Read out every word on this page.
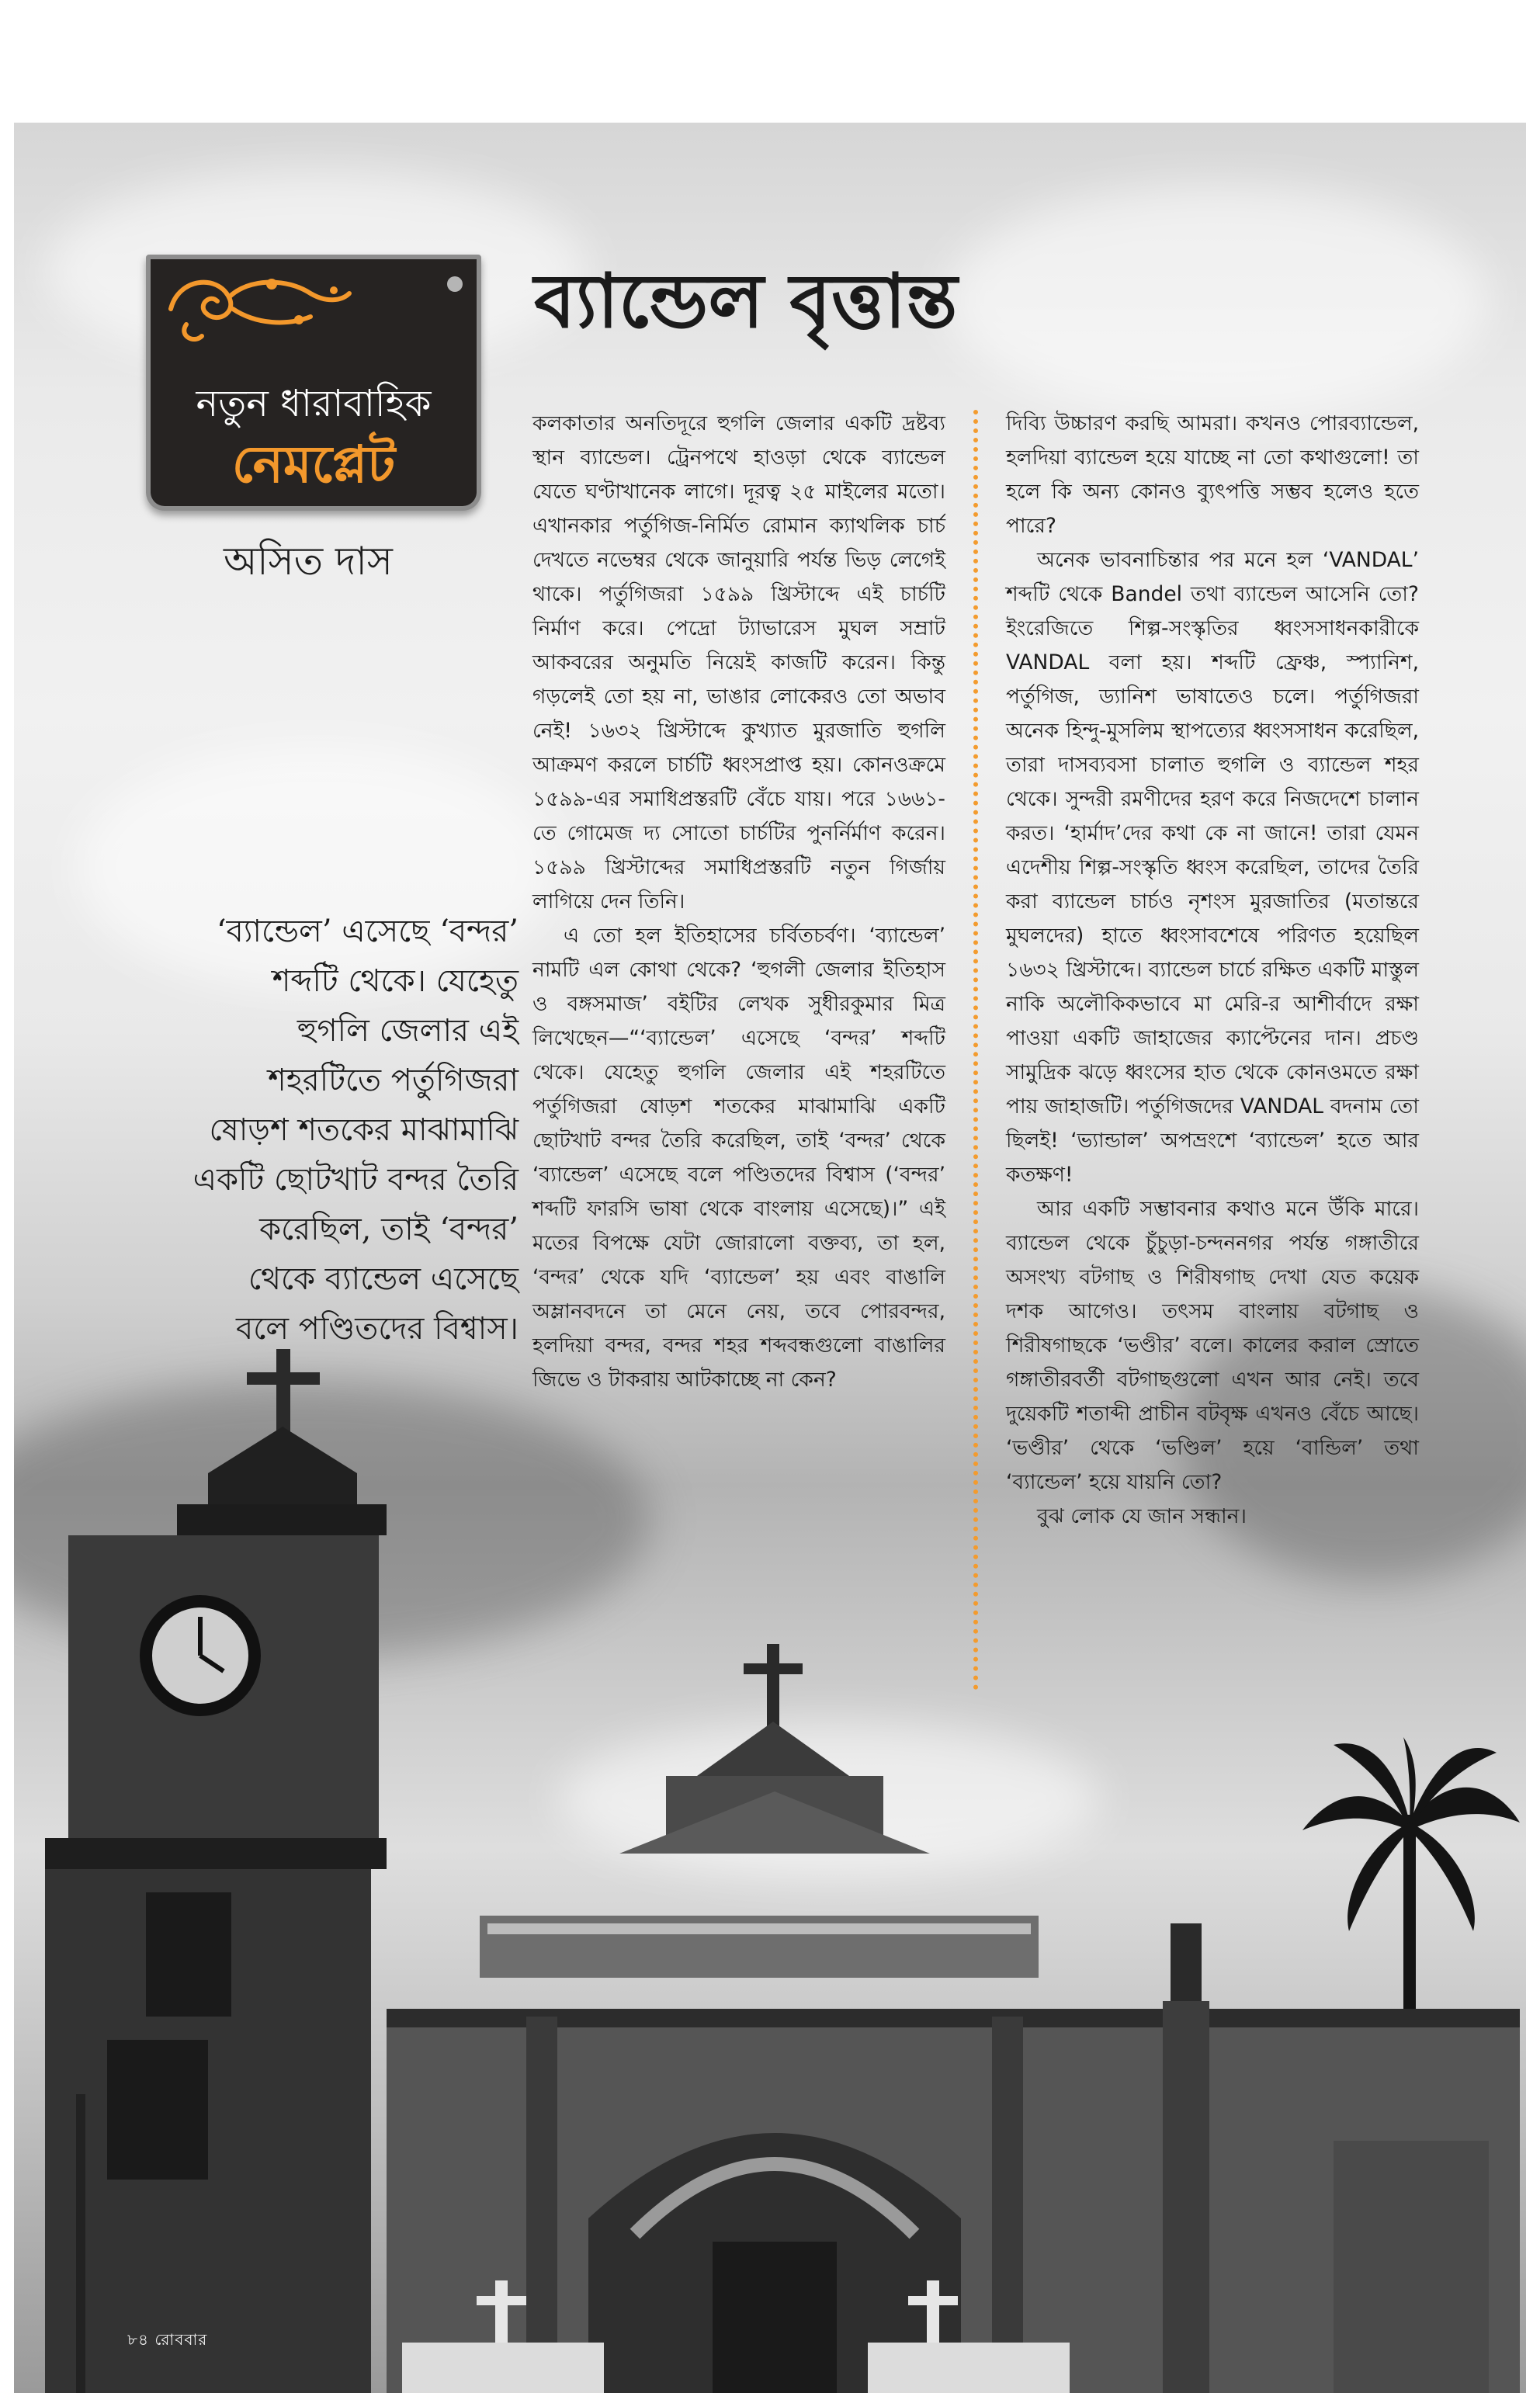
নতুন ধারাবাহিক
নেমপ্লেট
অসিত দাস
ব্যান্ডেল বৃত্তান্ত
‘ব্যান্ডেল’ এসেছে ‘বন্দর’
শব্দটি থেকে। যেহেতু
হুগলি জেলার এই
শহরটিতে পর্তুগিজরা
ষোড়শ শতকের মাঝামাঝি
একটি ছোটখাট বন্দর তৈরি
করেছিল, তাই ‘বন্দর’
থেকে ব্যান্ডেল এসেছে
বলে পণ্ডিতদের বিশ্বাস।

কলকাতার অনতিদূরে হুগলি জেলার একটি দ্রষ্টব্য স্থান ব্যান্ডেল। ট্রেনপথে হাওড়া থেকে ব্যান্ডেল যেতে ঘণ্টাখানেক লাগে। দূরত্ব ২৫ মাইলের মতো। এখানকার পর্তুগিজ-নির্মিত রোমান ক্যাথলিক চার্চ দেখতে নভেম্বর থেকে জানুয়ারি পর্যন্ত ভিড় লেগেই থাকে। পর্তুগিজরা ১৫৯৯ খ্রিস্টাব্দে এই চার্চটি নির্মাণ করে। পেদ্রো ট্যাভারেস মুঘল সম্রাট আকবরের অনুমতি নিয়েই কাজটি করেন। কিন্তু গড়লেই তো হয় না, ভাঙার লোকেরও তো অভাব নেই! ১৬৩২ খ্রিস্টাব্দে কুখ্যাত মুরজাতি হুগলি আক্রমণ করলে চার্চটি ধ্বংসপ্রাপ্ত হয়। কোনওক্রমে ১৫৯৯-এর সমাধিপ্রস্তরটি বেঁচে যায়। পরে ১৬৬১-তে গোমেজ দ্য সোতো চার্চটির পুনর্নির্মাণ করেন। ১৫৯৯ খ্রিস্টাব্দের সমাধিপ্রস্তরটি নতুন গির্জায় লাগিয়ে দেন তিনি।

এ তো হল ইতিহাসের চর্বিতচর্বণ। ‘ব্যান্ডেল’ নামটি এল কোথা থেকে? ‘হুগলী জেলার ইতিহাস ও বঙ্গসমাজ’ বইটির লেখক সুধীরকুমার মিত্র লিখেছেন—“‘ব্যান্ডেল’ এসেছে ‘বন্দর’ শব্দটি থেকে। যেহেতু হুগলি জেলার এই শহরটিতে পর্তুগিজরা ষোড়শ শতকের মাঝামাঝি একটি ছোটখাট বন্দর তৈরি করেছিল, তাই ‘বন্দর’ থেকে ‘ব্যান্ডেল’ এসেছে বলে পণ্ডিতদের বিশ্বাস (‘বন্দর’ শব্দটি ফারসি ভাষা থেকে বাংলায় এসেছে)।” এই মতের বিপক্ষে যেটা জোরালো বক্তব্য, তা হল, ‘বন্দর’ থেকে যদি ‘ব্যান্ডেল’ হয় এবং বাঙালি অম্লানবদনে তা মেনে নেয়, তবে পোরবন্দর, হলদিয়া বন্দর, বন্দর শহর শব্দবন্ধগুলো বাঙালির জিভে ও টাকরায় আটকাচ্ছে না কেন?

দিব্যি উচ্চারণ করছি আমরা। কখনও পোরব্যান্ডেল, হলদিয়া ব্যান্ডেল হয়ে যাচ্ছে না তো কথাগুলো! তা হলে কি অন্য কোনও ব্যুৎপত্তি সম্ভব হলেও হতে পারে?

অনেক ভাবনাচিন্তার পর মনে হল ‘VANDAL’ শব্দটি থেকে Bandel তথা ব্যান্ডেল আসেনি তো? ইংরেজিতে শিল্প-সংস্কৃতির ধ্বংসসাধনকারীকে VANDAL বলা হয়। শব্দটি ফ্রেঞ্চ, স্প্যানিশ, পর্তুগিজ, ড্যানিশ ভাষাতেও চলে। পর্তুগিজরা অনেক হিন্দু-মুসলিম স্থাপত্যের ধ্বংসসাধন করেছিল, তারা দাসব্যবসা চালাত হুগলি ও ব্যান্ডেল শহর থেকে। সুন্দরী রমণীদের হরণ করে নিজদেশে চালান করত। ‘হার্মাদ’দের কথা কে না জানে! তারা যেমন এদেশীয় শিল্প-সংস্কৃতি ধ্বংস করেছিল, তাদের তৈরি করা ব্যান্ডেল চার্চও নৃশংস মুরজাতির (মতান্তরে মুঘলদের) হাতে ধ্বংসাবশেষে পরিণত হয়েছিল ১৬৩২ খ্রিস্টাব্দে। ব্যান্ডেল চার্চে রক্ষিত একটি মাস্তুল নাকি অলৌকিকভাবে মা মেরি-র আশীর্বাদে রক্ষা পাওয়া একটি জাহাজের ক্যাপ্টেনের দান। প্রচণ্ড সামুদ্রিক ঝড়ে ধ্বংসের হাত থেকে কোনওমতে রক্ষা পায় জাহাজটি। পর্তুগিজদের VANDAL বদনাম তো ছিলই! ‘ভ্যান্ডাল’ অপভ্রংশে ‘ব্যান্ডেল’ হতে আর কতক্ষণ!

আর একটি সম্ভাবনার কথাও মনে উঁকি মারে। ব্যান্ডেল থেকে চুঁচুড়া-চন্দননগর পর্যন্ত গঙ্গাতীরে অসংখ্য বটগাছ ও শিরীষগাছ দেখা যেত কয়েক দশক আগেও। তৎসম বাংলায় বটগাছ ও শিরীষগাছকে ‘ভণ্ডীর’ বলে। কালের করাল স্রোতে গঙ্গাতীরবর্তী বটগাছগুলো এখন আর নেই। তবে দুয়েকটি শতাব্দী প্রাচীন বটবৃক্ষ এখনও বেঁচে আছে। ‘ভণ্ডীর’ থেকে ‘ভণ্ডিল’ হয়ে ‘বান্ডিল’ তথা ‘ব্যান্ডেল’ হয়ে যায়নি তো?

বুঝ লোক যে জান সন্ধান।

৮৪ রোববার
